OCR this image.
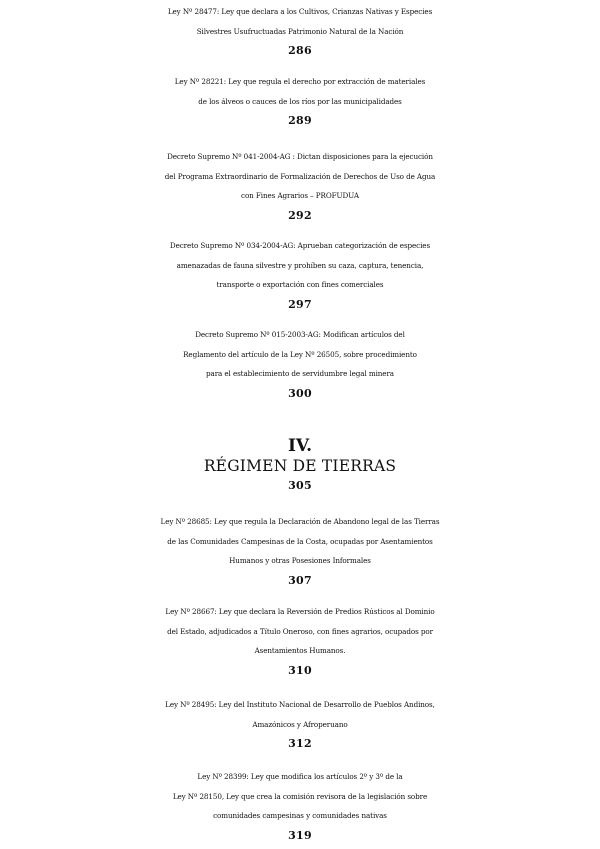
Ley Nº 28477: Ley que declara a los Cultivos, Crianzas Nativas y Especies
Silvestres Usufructuadas Patrimonio Natural de la Nación
286
Ley Nº 28221: Ley que regula el derecho por extracción de materiales
de los álveos o cauces de los ríos por las municipalidades
289
Decreto Supremo Nº 041-2004-AG : Dictan disposiciones para la ejecución
del Programa Extraordinario de Formalización de Derechos de Uso de Agua
con Fines Agrarios – PROFUDUA
292
Decreto Supremo Nº 034-2004-AG: Aprueban categorización de especies
amenazadas de fauna silvestre y prohíben su caza, captura, tenencia,
transporte o exportación con fines comerciales
297
Decreto Supremo Nº 015-2003-AG: Modifican artículos del
Reglamento del artículo de la Ley Nº 26505, sobre procedimiento
para el establecimiento de servidumbre legal minera
300
IV.
RÉGIMEN DE TIERRAS
305
Ley Nº 28685: Ley que regula la Declaración de Abandono legal de las Tierras
de las Comunidades Campesinas de la Costa, ocupadas por Asentamientos
Humanos y otras Posesiones Informales
307
Ley Nº 28667: Ley que declara la Reversión de Predios Rústicos al Dominio
del Estado, adjudicados a Título Oneroso, con fines agrarios, ocupados por
Asentamientos Humanos.
310
Ley Nº 28495: Ley del Instituto Nacional de Desarrollo de Pueblos Andinos,
Amazónicos y Afroperuano
312
Ley Nº 28399: Ley que modifica los artículos 2º y 3º de la
Ley Nº 28150, Ley que crea la comisión revisora de la legislación sobre
comunidades campesinas y comunidades nativas
319
